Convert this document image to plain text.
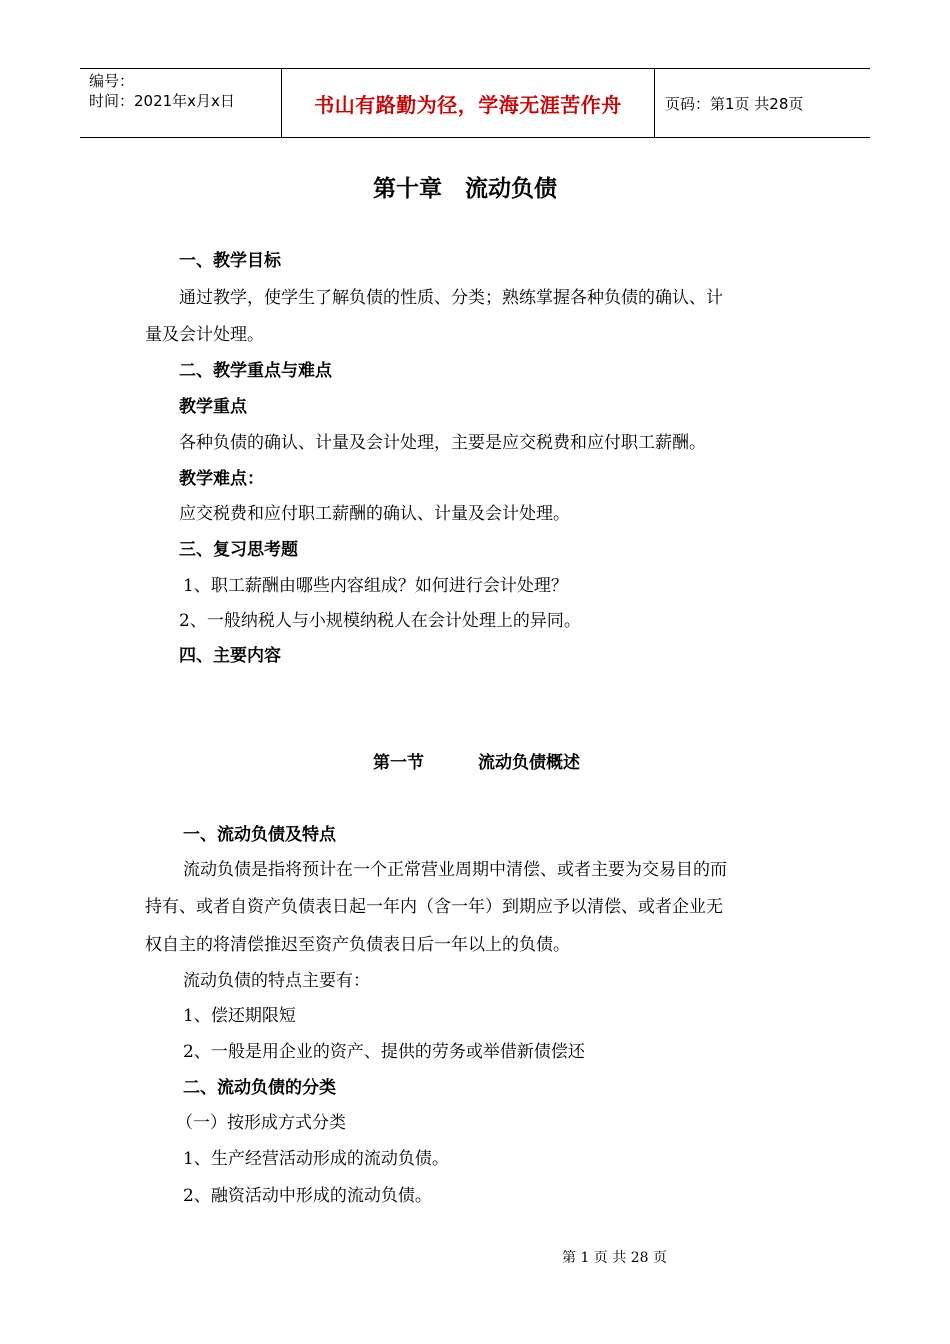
编号：
时间：2021年x月x日	书山有路勤为径，学海无涯苦作舟	页码：第1页 共28页
第十章　流动负债
一、教学目标
通过教学，使学生了解负债的性质、分类；熟练掌握各种负债的确认、计
量及会计处理。
二、教学重点与难点
教学重点
各种负债的确认、计量及会计处理，主要是应交税费和应付职工薪酬。
教学难点：
应交税费和应付职工薪酬的确认、计量及会计处理。
三、复习思考题
1、职工薪酬由哪些内容组成？如何进行会计处理？
2、一般纳税人与小规模纳税人在会计处理上的异同。
四、主要内容
第一节	流动负债概述
一、流动负债及特点
流动负债是指将预计在一个正常营业周期中清偿、或者主要为交易目的而
持有、或者自资产负债表日起一年内（含一年）到期应予以清偿、或者企业无
权自主的将清偿推迟至资产负债表日后一年以上的负债。
流动负债的特点主要有：
1、偿还期限短
2、一般是用企业的资产、提供的劳务或举借新债偿还
二、流动负债的分类
（一）按形成方式分类
1、生产经营活动形成的流动负债。
2、融资活动中形成的流动负债。
第 1 页 共 28 页
